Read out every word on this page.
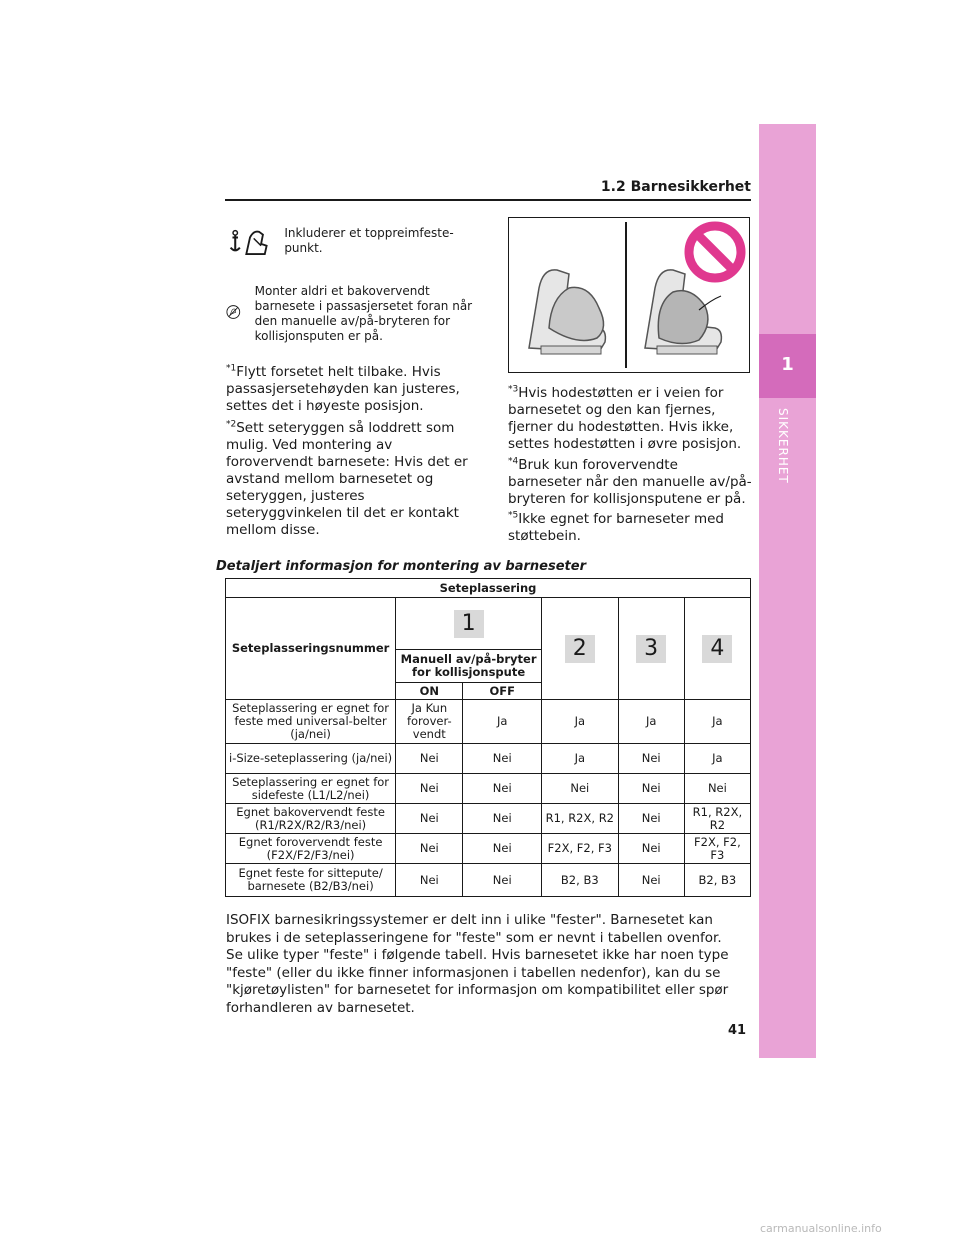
1
SIKKERHET
1.2 Barnesikkerhet
Inkluderer et toppreimfeste-punkt.
Monter aldri et bakovervendt barnesete i passasjersetet foran når den manuelle av/på-bryteren for kollisjonsputen er på.
$^{*1}$Flytt forsetet helt tilbake. Hvis passasjersetehøyden kan justeres, settes det i høyeste posisjon.
$^{*2}$Sett seteryggen så loddrett som mulig. Ved montering av forovervendt barnesete: Hvis det er avstand mellom barnesetet og seteryggen, justeres seteryggvinkelen til det er kontakt mellom disse.
$^{*3}$Hvis hodestøtten er i veien for barnesetet og den kan fjernes, fjerner du hodestøtten. Hvis ikke, settes hodestøtten i øvre posisjon.
$^{*4}$Bruk kun forovervendte barneseter når den manuelle av/på-bryteren for kollisjonsputene er på.
$^{*5}$Ikke egnet for barneseter med støttebein.
Detaljert informasjon for montering av barneseter
Seteplassering					
Seteplasseringsnummer	1		2	3	4
	Manuell av/på-bryter for kollisjonspute				
	ON	OFF			
Seteplassering er egnet for feste med universal-belter (ja/nei)	Ja Kun forover-vendt	Ja	Ja	Ja	Ja
i-Size-seteplassering (ja/nei)	Nei	Nei	Ja	Nei	Ja
Seteplassering er egnet for sidefeste (L1/L2/nei)	Nei	Nei	Nei	Nei	Nei
Egnet bakovervendt feste (R1/R2X/R2/R3/nei)	Nei	Nei	R1, R2X, R2	Nei	R1, R2X, R2
Egnet forovervendt feste (F2X/F2/F3/nei)	Nei	Nei	F2X, F2, F3	Nei	F2X, F2, F3
Egnet feste for sittepute/ barnesete (B2/B3/nei)	Nei	Nei	B2, B3	Nei	B2, B3
ISOFIX barnesikringssystemer er delt inn i ulike "fester". Barnesetet kan brukes i de seteplasseringene for "feste" som er nevnt i tabellen ovenfor. Se ulike typer "feste" i følgende tabell. Hvis barnesetet ikke har noen type "feste" (eller du ikke finner informasjonen i tabellen nedenfor), kan du se "kjøretøylisten" for barnesetet for informasjon om kompatibilitet eller spør forhandleren av barnesetet.
41
carmanualsonline.info
